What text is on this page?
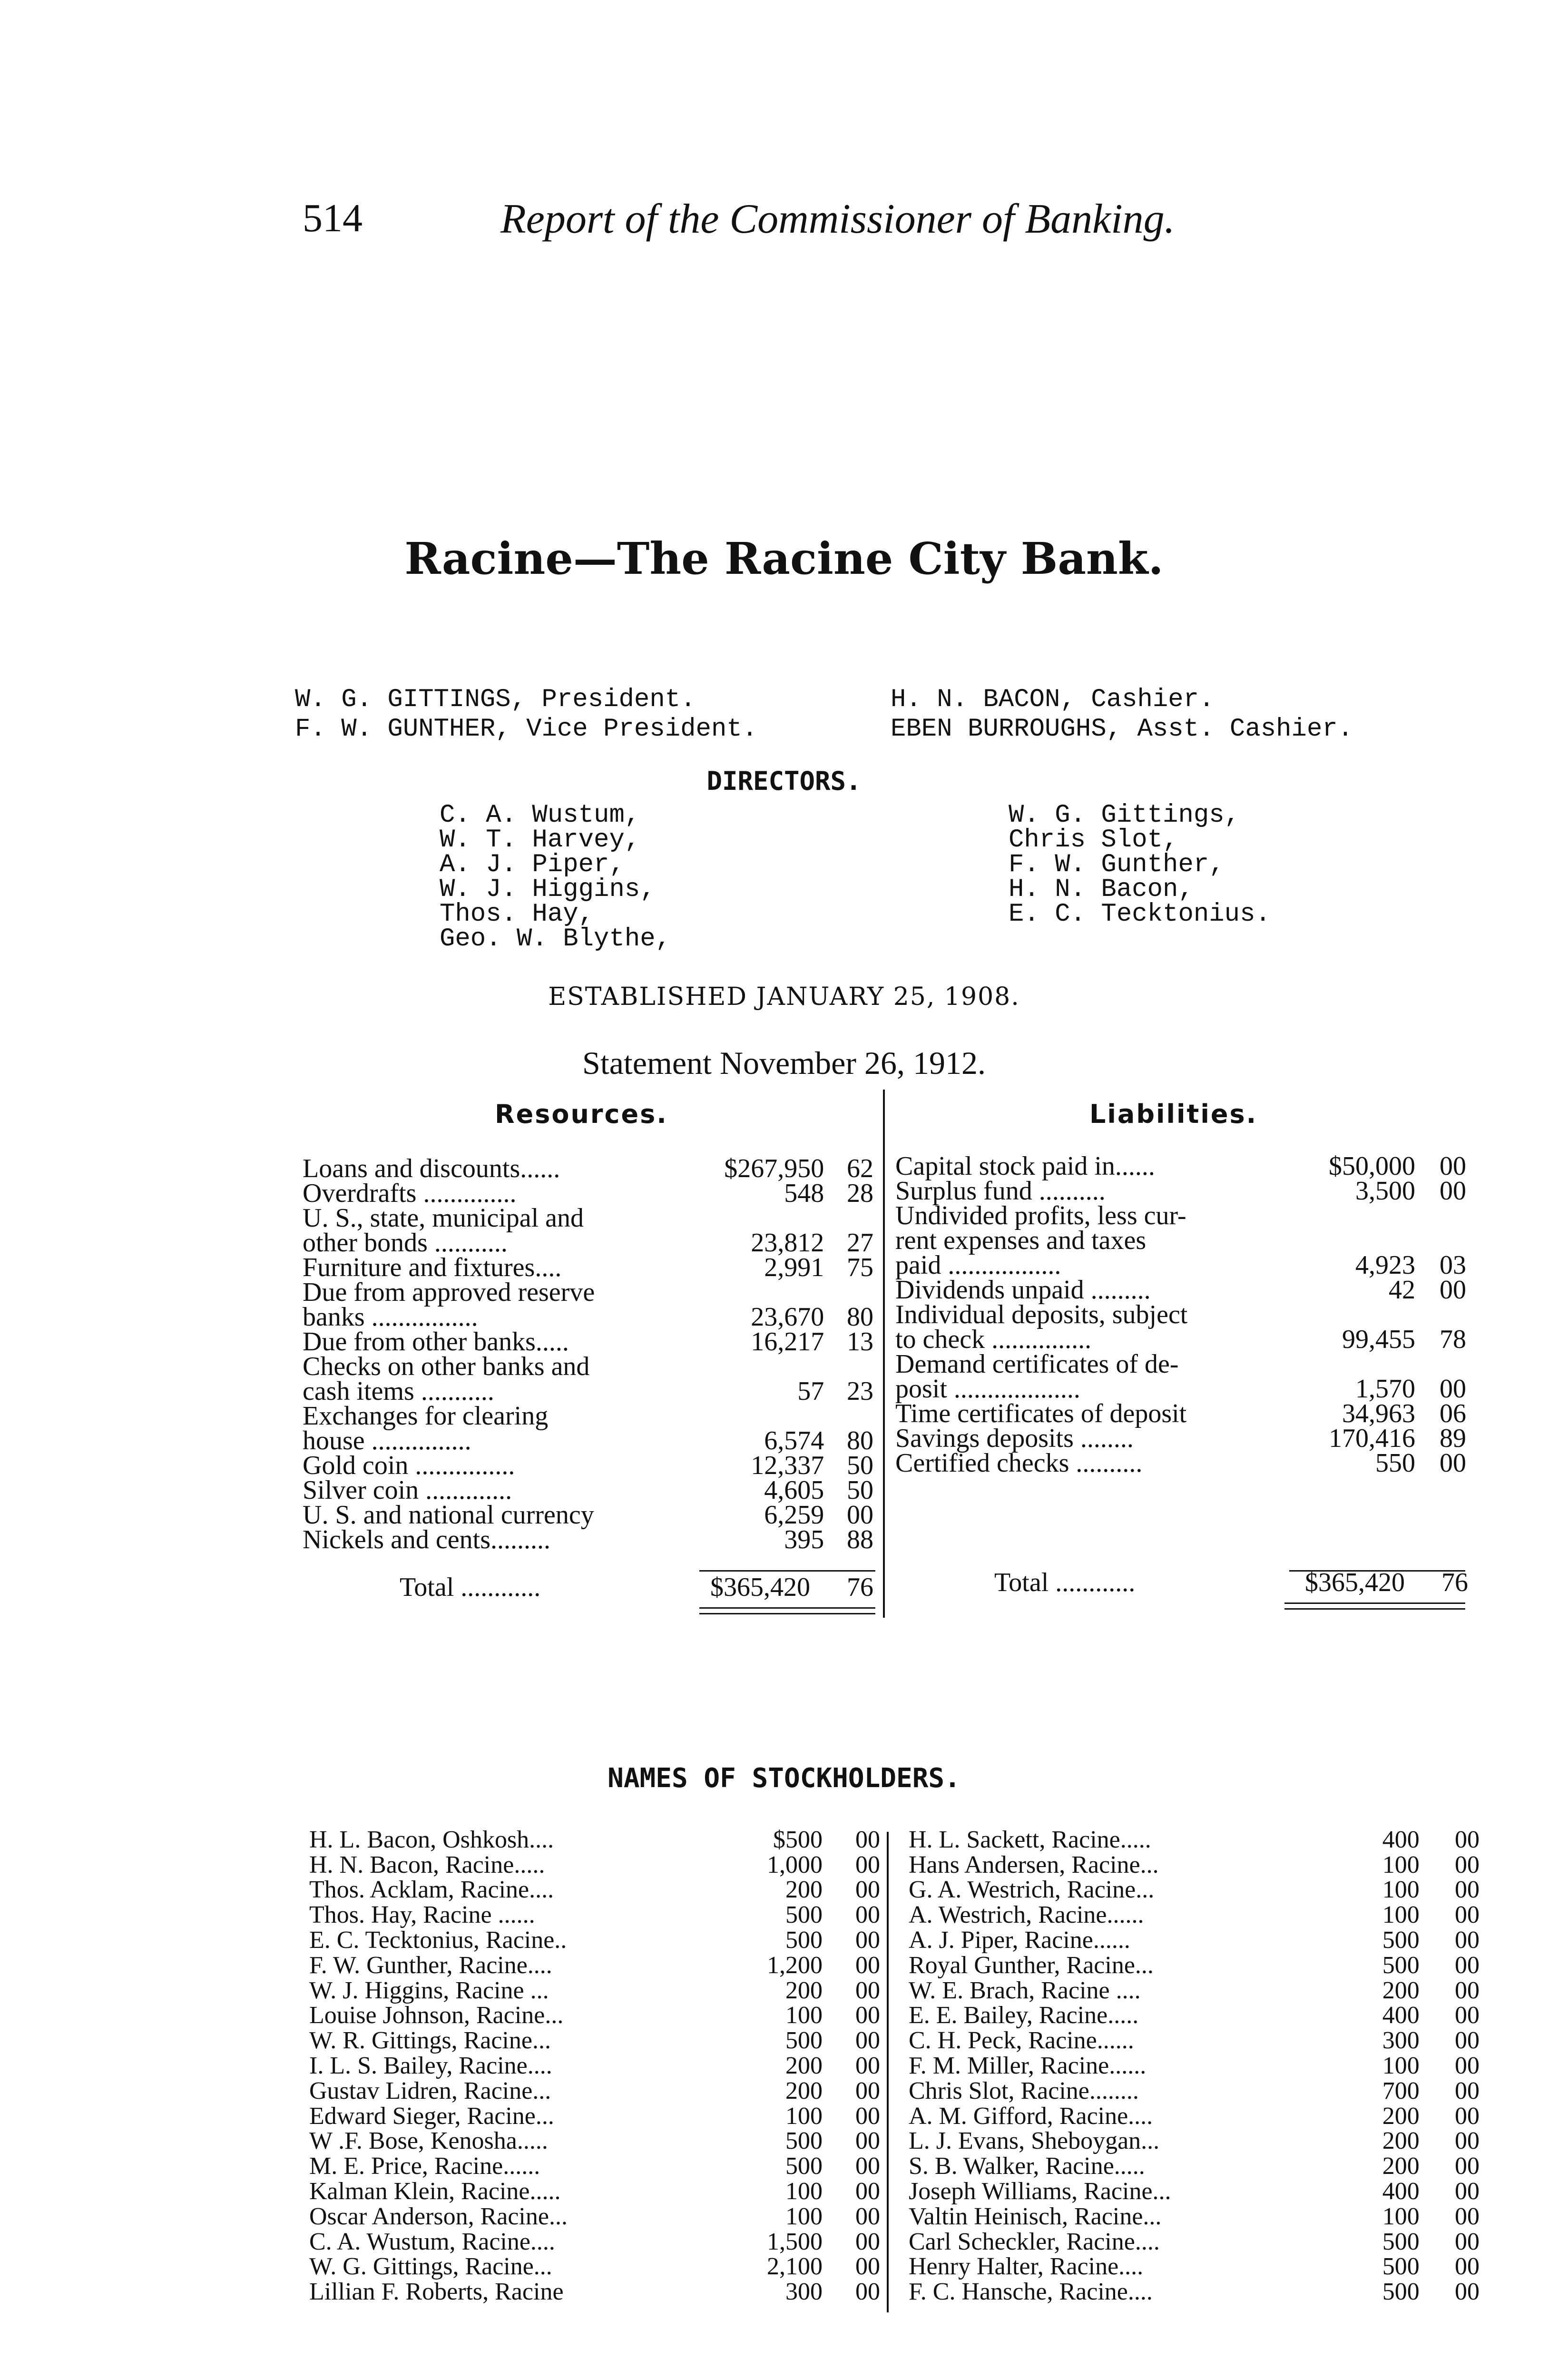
514	Report of the Commissioner of Banking.
Racine—The Racine City Bank.
W. G. GITTINGS, President.
F. W. GUNTHER, Vice President.
H. N. BACON, Cashier.
EBEN BURROUGHS, Asst. Cashier.
DIRECTORS.
C. A. Wustum,
W. T. Harvey,
A. J. Piper,
W. J. Higgins,
Thos. Hay,
Geo. W. Blythe,
W. G. Gittings,
Chris Slot,
F. W. Gunther,
H. N. Bacon,
E. C. Tecktonius.
ESTABLISHED JANUARY 25, 1908.
Statement November 26, 1912.
Resources.	Liabilities.
Loans and discounts......	$267,950	62
Overdrafts ..............	548	28
U. S., state, municipal and		
other bonds ...........	23,812	27
Furniture and fixtures....	2,991	75
Due from approved reserve		
banks ................	23,670	80
Due from other banks.....	16,217	13
Checks on other banks and		
cash items ...........	57	23
Exchanges for clearing		
house ...............	6,574	80
Gold coin ...............	12,337	50
Silver coin .............	4,605	50
U. S. and national currency	6,259	00
Nickels and cents.........	395	88
Capital stock paid in......	$50,000	00
Surplus fund ..........	3,500	00
Undivided profits, less cur-		
rent expenses and taxes		
paid .................	4,923	03
Dividends unpaid .........	42	00
Individual deposits, subject		
to check ...............	99,455	78
Demand certificates of de-		
posit ...................	1,570	00
Time certificates of deposit	34,963	06
Savings deposits ........	170,416	89
Certified checks ..........	550	00
Total ............	$365,420	76	Total ............	$365,420	76
NAMES OF STOCKHOLDERS.
H. L. Bacon, Oshkosh....	$500	00
H. N. Bacon, Racine.....	1,000	00
Thos. Acklam, Racine....	200	00
Thos. Hay, Racine ......	500	00
E. C. Tecktonius, Racine..	500	00
F. W. Gunther, Racine....	1,200	00
W. J. Higgins, Racine ...	200	00
Louise Johnson, Racine...	100	00
W. R. Gittings, Racine...	500	00
I. L. S. Bailey, Racine....	200	00
Gustav Lidren, Racine...	200	00
Edward Sieger, Racine...	100	00
W .F. Bose, Kenosha.....	500	00
M. E. Price, Racine......	500	00
Kalman Klein, Racine.....	100	00
Oscar Anderson, Racine...	100	00
C. A. Wustum, Racine....	1,500	00
W. G. Gittings, Racine...	2,100	00
Lillian F. Roberts, Racine	300	00
H. L. Sackett, Racine.....	400	00
Hans Andersen, Racine...	100	00
G. A. Westrich, Racine...	100	00
A. Westrich, Racine......	100	00
A. J. Piper, Racine......	500	00
Royal Gunther, Racine...	500	00
W. E. Brach, Racine ....	200	00
E. E. Bailey, Racine.....	400	00
C. H. Peck, Racine......	300	00
F. M. Miller, Racine......	100	00
Chris Slot, Racine........	700	00
A. M. Gifford, Racine....	200	00
L. J. Evans, Sheboygan...	200	00
S. B. Walker, Racine.....	200	00
Joseph Williams, Racine...	400	00
Valtin Heinisch, Racine...	100	00
Carl Scheckler, Racine....	500	00
Henry Halter, Racine....	500	00
F. C. Hansche, Racine....	500	00
